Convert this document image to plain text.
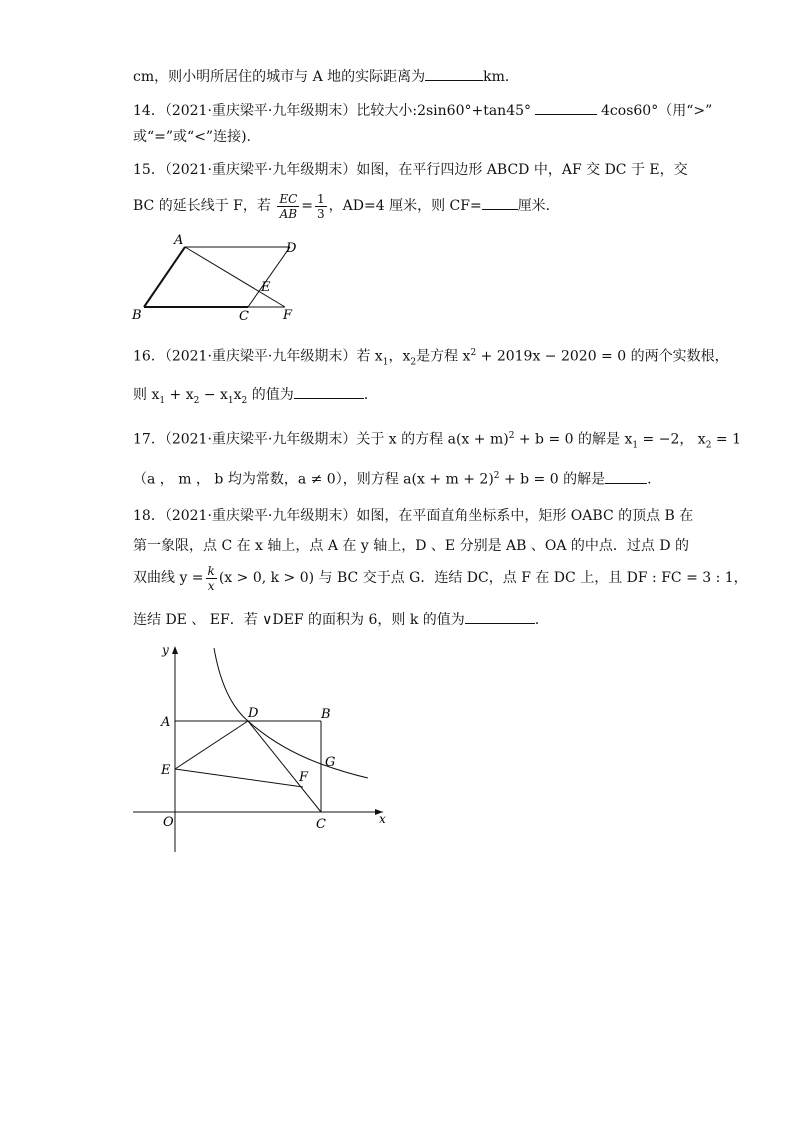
cm，则小明所居住的城市与 A 地的实际距离为	km.
14．（2021·重庆梁平·九年级期末）比较大小:2sin60°+tan45°	4cos60°（用“>”
或“=”或“<”连接).
15．（2021·重庆梁平·九年级期末）如图，在平行四边形 ABCD 中，AF 交 DC 于 E，交
BC 的延长线于 F，若 $\frac{EC}{AB} = \frac{1}{3}$ ，AD=4 厘米，则 CF=	厘米．
A
D
E
B	C	F
16．（2021·重庆梁平·九年级期末）若 $x_1$，$x_2$是方程 $x^2 + 2019x - 2020 = 0$ 的两个实数根，
则 $x_1 + x_2 - x_1x_2$ 的值为	.
17．（2021·重庆梁平·九年级期末）关于 x 的方程 $a(x + m)^2 + b = 0$ 的解是 $x_1 = -2$， $x_2 = 1$
（a ， m ， b 均为常数，a ≠ 0），则方程 $a(x + m + 2)^2 + b = 0$ 的解是	.
18．（2021·重庆梁平·九年级期末）如图，在平面直角坐标系中，矩形 OABC 的顶点 B 在
第一象限，点 C 在 x 轴上，点 A 在 y 轴上，D 、E 分别是 AB 、OA 的中点．过点 D 的
双曲线 $y = \frac{k}{x} (x > 0$, k > 0) 与 BC 交于点 G．连结 DC，点 F 在 DC 上，且 DF : FC = 3 : 1，
连结 DE 、 EF．若 ∨DEF 的面积为 6，则 k 的值为	.
y
x
O
A
D	B
E
G
F
C
